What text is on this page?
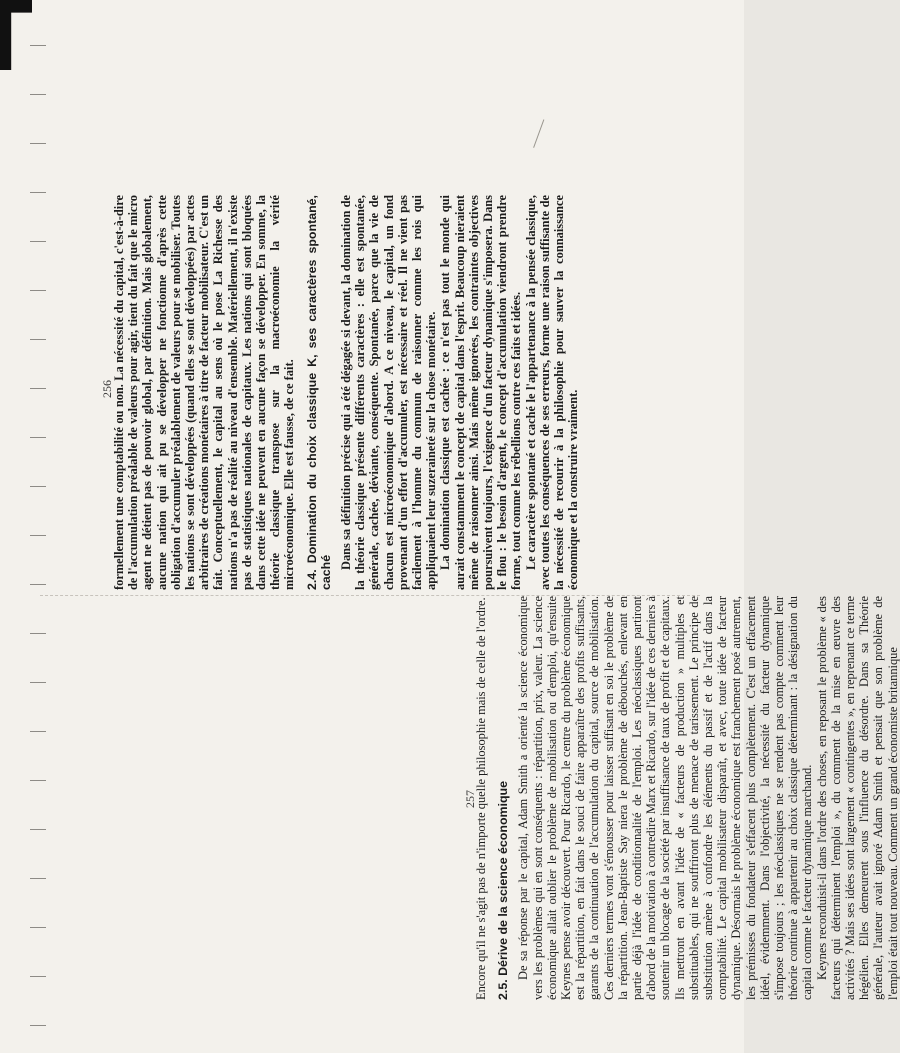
256

formellement une comptabilité ou non. La nécessité du capital, c'est-à-dire de l'accumulation préalable de valeurs pour agir, tient du fait que le micro agent ne détient pas de pouvoir global, par définition. Mais globalement, aucune nation qui ait pu se développer ne fonctionne d'après cette obligation d'accumuler préalablement de valeurs pour se mobiliser. Toutes les nations se sont développées (quand elles se sont développées) par actes arbitraires de créations monétaires à titre de facteur mobilisateur. C'est un fait. Conceptuellement, le capital au sens où le pose La Richesse des nations n'a pas de réalité au niveau d'ensemble. Matériellement, il n'existe pas de statistiques nationales de capitaux. Les nations qui sont bloquées dans cette idée ne peuvent en aucune façon se développer. En somme, la théorie classique transpose sur la macroéconomie la vérité microéconomique. Elle est fausse, de ce fait. 2.4. Domination du choix classique K, ses caractères spontané, caché

Dans sa définition précise qui a été dégagée si devant, la domination de la théorie classique présente différents caractères : elle est spontanée, générale, cachée, déviante, conséquente. Spontanée, parce que la vie de chacun est microéconomique d'abord. A ce niveau, le capital, un fond provenant d'un effort d'accumuler, est nécessaire et réel. Il ne vient pas facilement à l'homme du commun de raisonner comme les rois qui appliquaient leur suzeraineté sur la chose monétaire. La domination classique est cachée : ce n'est pas tout le monde qui aurait constamment le concept de capital dans l'esprit. Beaucoup nieraient même de raisonner ainsi. Mais même ignorées, les contraintes objectives poursuivent toujours, l'exigence d'un facteur dynamique s'imposera. Dans le flou : le besoin d'argent, le concept d'accumulation viendront prendre forme, tout comme les rébellions contre ces faits et idées. Le caractère spontané et caché le l'appartenance à la pensée classique, avec toutes les conséquences de ses erreurs, forme une raison suffisante de la nécessité de recourir à la philosophie pour sauver la connaissance économique et la construire vraiment.

257

Encore qu'il ne s'agit pas de n'importe quelle philosophie mais de celle de l'ordre. 2.5. Dérive de la science économique De sa réponse par le capital, Adam Smith a orienté la science économique vers les problèmes qui en sont conséquents : répartition, prix, valeur. La science économique allait oublier le problème de mobilisation ou d'emploi, qu'ensuite Keynes pense avoir découvert. Pour Ricardo, le centre du problème économique est la répartition, en fait dans le souci de faire apparaître des profits suffisants, garants de la continuation de l'accumulation du capital, source de mobilisation. Ces derniers termes vont s'émousser pour laisser suffisant en soi le problème de la répartition. Jean-Baptiste Say niera le problème de débouchés, enlevant en partie déjà l'idée de conditionnalité de l'emploi. Les néoclassiques partiront d'abord de la motivation à contredire Marx et Ricardo, sur l'idée de ces derniers à soutenir un blocage de la société par insuffisance de taux de profit et de capitaux. Ils mettront en avant l'idée de « facteurs de production » multiples et substituables, qui ne souffriront plus de menace de tarissement. Le principe de substitution amène à confondre les éléments du passif et de l'actif dans la comptabilité. Le capital mobilisateur disparaît, et avec, toute idée de facteur dynamique. Désormais le problème économique est franchement posé autrement, les prémisses du fondateur s'effacent plus complètement. C'est un effacement idéel, évidemment. Dans l'objectivité, la nécessité du facteur dynamique s'impose toujours ; les néoclassiques ne se rendent pas compte comment leur théorie continue à appartenir au choix classique déterminant : la désignation du capital comme le facteur dynamique marchand. Keynes reconduisit-il dans l'ordre des choses, en reposant le problème « des facteurs qui déterminent l'emploi », du comment de la mise en œuvre des activités ? Mais ses idées sont largement « contingentes », en reprenant ce terme hégélien. Elles demeurent sous l'influence du désordre. Dans sa Théorie générale, l'auteur avait ignoré Adam Smith et pensait que son problème de l'emploi était tout nouveau. Comment un grand économiste britannique
